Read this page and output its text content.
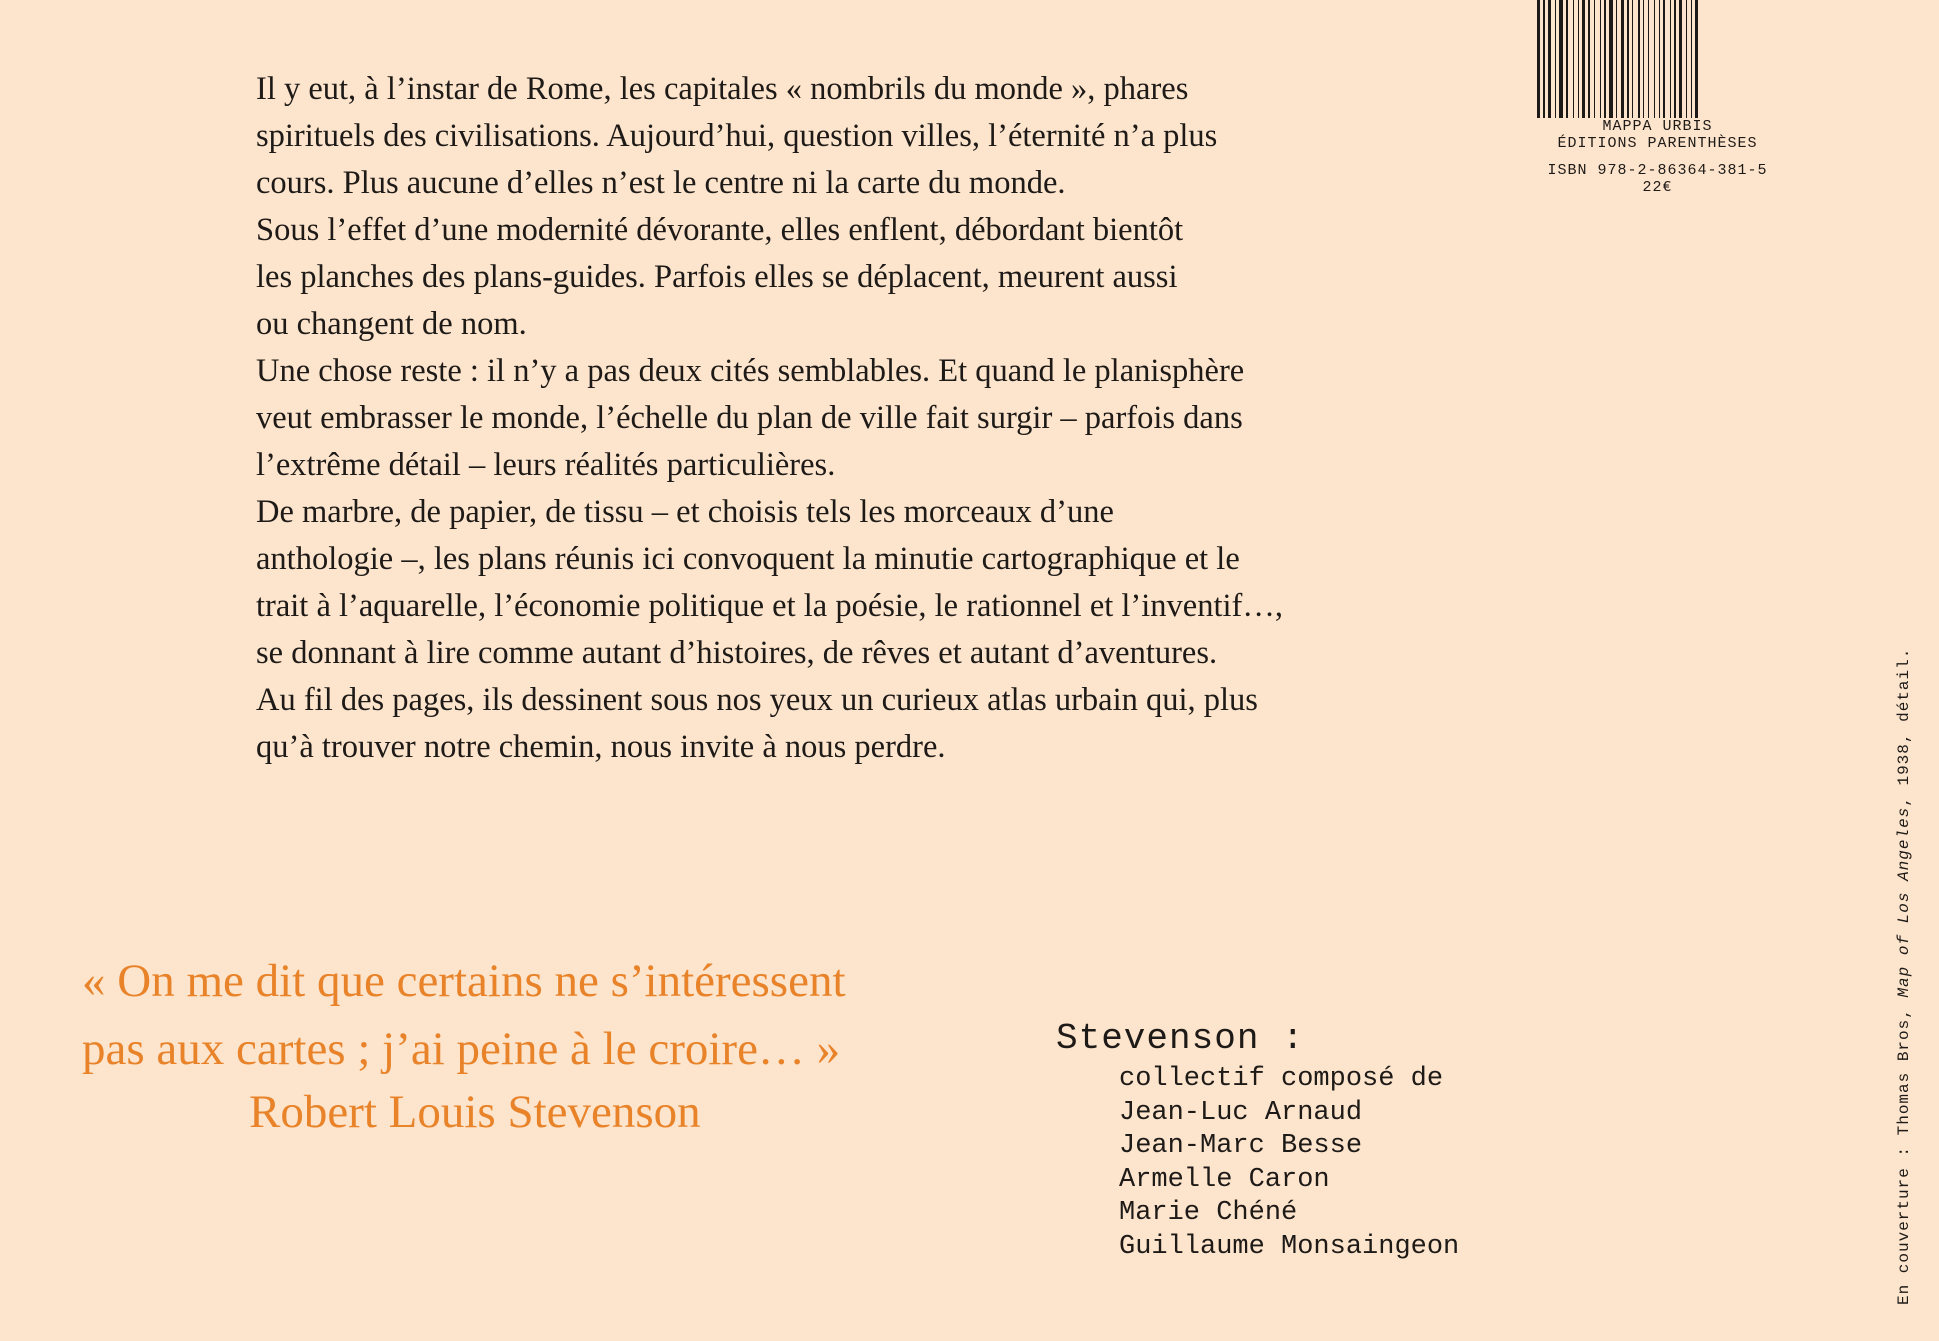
Il y eut, à l’instar de Rome, les capitales « nombrils du monde », phares
spirituels des civilisations. Aujourd’hui, question villes, l’éternité n’a plus
cours. Plus aucune d’elles n’est le centre ni la carte du monde.
Sous l’effet d’une modernité dévorante, elles enflent, débordant bientôt
les planches des plans-guides. Parfois elles se déplacent, meurent aussi
ou changent de nom.
Une chose reste : il n’y a pas deux cités semblables. Et quand le planisphère
veut embrasser le monde, l’échelle du plan de ville fait surgir – parfois dans
l’extrême détail – leurs réalités particulières.
De marbre, de papier, de tissu – et choisis tels les morceaux d’une
anthologie –, les plans réunis ici convoquent la minutie cartographique et le
trait à l’aquarelle, l’économie politique et la poésie, le rationnel et l’inventif…,
se donnant à lire comme autant d’histoires, de rêves et autant d’aventures.
Au fil des pages, ils dessinent sous nos yeux un curieux atlas urbain qui, plus
qu’à trouver notre chemin, nous invite à nous perdre.
« On me dit que certains ne s’intéressent
pas aux cartes ; j’ai peine à le croire… »
Robert Louis Stevenson
Stevenson :
collectif composé de
Jean-Luc Arnaud
Jean-Marc Besse
Armelle Caron
Marie Chéné
Guillaume Monsaingeon
MAPPA URBIS
ÉDITIONS PARENTHÈSES
ISBN 978-2-86364-381-5
22€
En couverture : Thomas Bros, Map of Los Angeles, 1938, détail.
